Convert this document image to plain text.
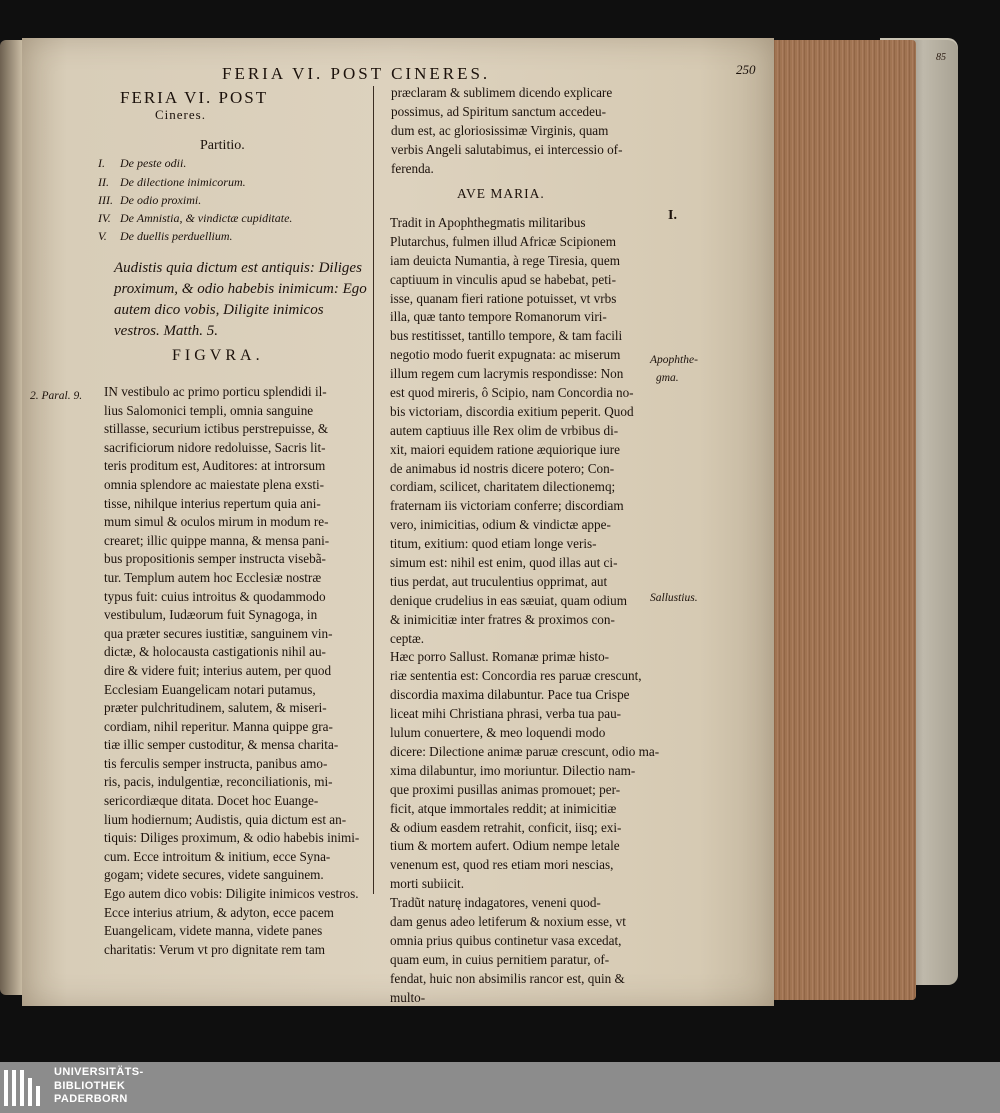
85
FERIA VI. POST CINERES.	250
FERIA VI. POST
Cineres.
Partitio.
I. De peste odii.
II. De dilectione inimicorum.
III. De odio proximi.
IV. De Amnistia, & vindictæ cupiditate.
V. De duellis perduellium.
Audistis quia dictum est antiquis: Diliges proximum, & odio habebis inimicum: Ego autem dico vobis, Diligite inimicos vestros. Matth. 5.
FIGVRA.
2. Paral. 9. IN vestibulo ac primo porticu splendidi il-
lius Salomonici templi, omnia sanguine
stillasse, securium ictibus perstrepuisse, &
sacrificiorum nidore redoluisse, Sacris lit-
teris proditum est, Auditores: at introrsum
omnia splendore ac maiestate plena exsti-
tisse, nihilque interius repertum quia ani-
mum simul & oculos mirum in modum re-
crearet; illic quippe manna, & mensa pani-
bus propositionis semper instructa visebã-
tur. Templum autem hoc Ecclesiæ nostræ
typus fuit: cuius introitus & quodammodo
vestibulum, Iudæorum fuit Synagoga, in
qua præter secures iustitiæ, sanguinem vin-
dictæ, & holocausta castigationis nihil au-
dire & videre fuit; interius autem, per quod
Ecclesiam Euangelicam notari putamus,
præter pulchritudinem, salutem, & miseri-
cordiam, nihil reperitur. Manna quippe gra-
tiæ illic semper custoditur, & mensa charita-
tis ferculis semper instructa, panibus amo-
ris, pacis, indulgentiæ, reconciliationis, mi-
sericordiæque ditata. Docet hoc Euange-
lium hodiernum; Audistis, quia dictum est an-
tiquis: Diliges proximum, & odio habebis inimi-
cum. Ecce introitum & initium, ecce Syna-
gogam; videte secures, videte sanguinem.
Ego autem dico vobis: Diligite inimicos vestros.
Ecce interius atrium, & adyton, ecce pacem
Euangelicam, videte manna, videte panes
charitatis: Verum vt pro dignitate rem tam
præclaram & sublimem dicendo explicare
possimus, ad Spiritum sanctum accedeu-
dum est, ac gloriosissimæ Virginis, quam
verbis Angeli salutabimus, ei intercessio of-
ferenda.
AVE MARIA.
I.
Apophthe-
gma.
Sallustius.
Tradit in Apophthegmatis militaribus
Plutarchus, fulmen illud Africæ Scipionem
iam deuicta Numantia, à rege Tiresia, quem
captiuum in vinculis apud se habebat, peti-
isse, quanam fieri ratione potuisset, vt vrbs
illa, quæ tanto tempore Romanorum viri-
bus restitisset, tantillo tempore, & tam facili
negotio modo fuerit expugnata: ac miserum
illum regem cum lacrymis respondisse: Non
est quod mireris, ô Scipio, nam Concordia no-
bis victoriam, discordia exitium peperit. Quod
autem captiuus ille Rex olim de vrbibus di-
xit, maiori equidem ratione æquiorique iure
de animabus id nostris dicere potero; Con-
cordiam, scilicet, charitatem dilectionemq;
fraternam iis victoriam conferre; discordiam
vero, inimicitias, odium & vindictæ appe-
titum, exitium: quod etiam longe veris-
simum est: nihil est enim, quod illas aut ci-
tius perdat, aut truculentius opprimat, aut
denique crudelius in eas sæuiat, quam odium
& inimicitiæ inter fratres & proximos con-
ceptæ.
Hæc porro Sallust. Romanæ primæ histo-
riæ sententia est: Concordia res paruæ crescunt,
discordia maxima dilabuntur. Pace tua Crispe
liceat mihi Christiana phrasi, verba tua pau-
lulum conuertere, & meo loquendi modo
dicere: Dilectione animæ paruæ crescunt, odio ma-
xima dilabuntur, imo moriuntur. Dilectio nam-
que proximi pusillas animas promouet; per-
ficit, atque immortales reddit; at inimicitiæ
& odium easdem retrahit, conficit, iisq; exi-
tium & mortem aufert. Odium nempe letale
venenum est, quod res etiam mori nescias,
morti subiicit.
Tradũt naturę indagatores, veneni quod-
dam genus adeo letiferum & noxium esse, vt
omnia prius quibus continetur vasa excedat,
quam eum, in cuius pernitiem paratur, of-
fendat, huic non absimilis rancor est, quin &
multo-
UNIVERSITÄTS-
BIBLIOTHEK
PADERBORN
